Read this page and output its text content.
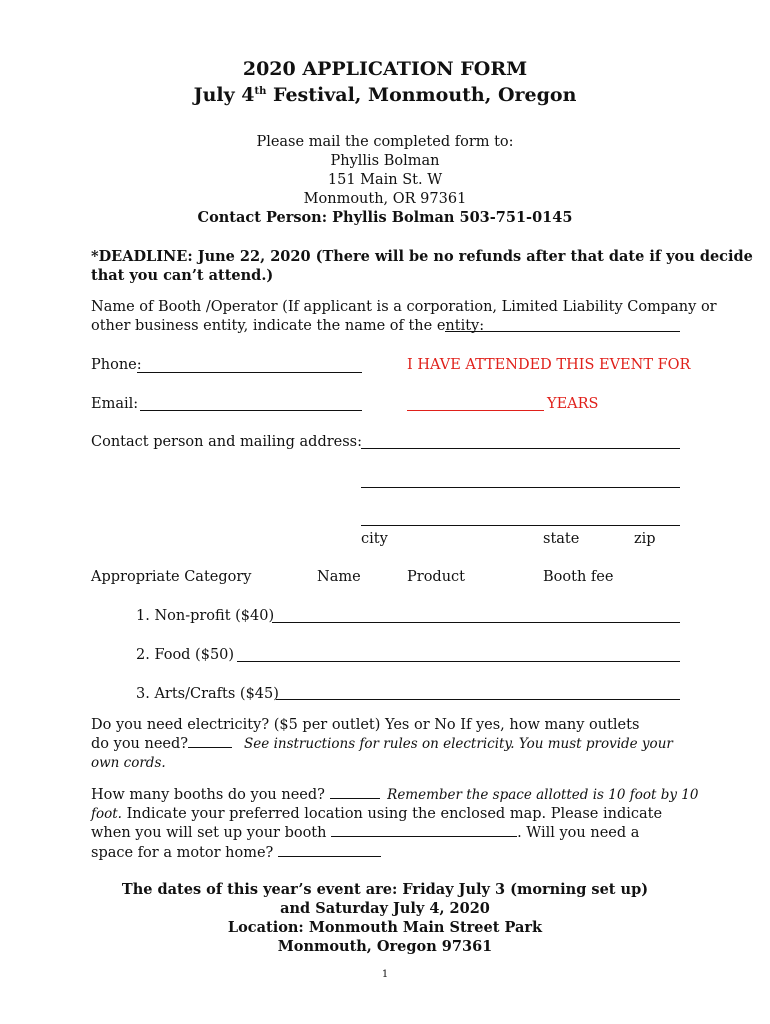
2020 APPLICATION FORM
July 4th Festival, Monmouth, Oregon
Please mail the completed form to:
Phyllis Bolman
151 Main St. W
Monmouth, OR 97361
Contact Person: Phyllis Bolman 503-751-0145
*DEADLINE: June 22, 2020 (There will be no refunds after that date if you decide
that you can’t attend.)
Name of Booth /Operator (If applicant is a corporation, Limited Liability Company or
other business entity, indicate the name of the entity:
Phone:	I HAVE ATTENDED THIS EVENT FOR
Email:	YEARS
Contact person and mailing address:
city	state	zip
Appropriate Category	Name	Product	Booth fee
1. Non-profit ($40)
2. Food ($50)
3. Arts/Crafts ($45)
Do you need electricity? ($5 per outlet) Yes or No If yes, how many outlets
do you need?	See instructions for rules on electricity. You must provide your
own cords.
How many booths do you need?	Remember the space allotted is 10 foot by 10
foot. Indicate your preferred location using the enclosed map. Please indicate
when you will set up your booth	. Will you need a
space for a motor home?
The dates of this year’s event are: Friday July 3 (morning set up)
and Saturday July 4, 2020
Location: Monmouth Main Street Park
Monmouth, Oregon 97361
1
